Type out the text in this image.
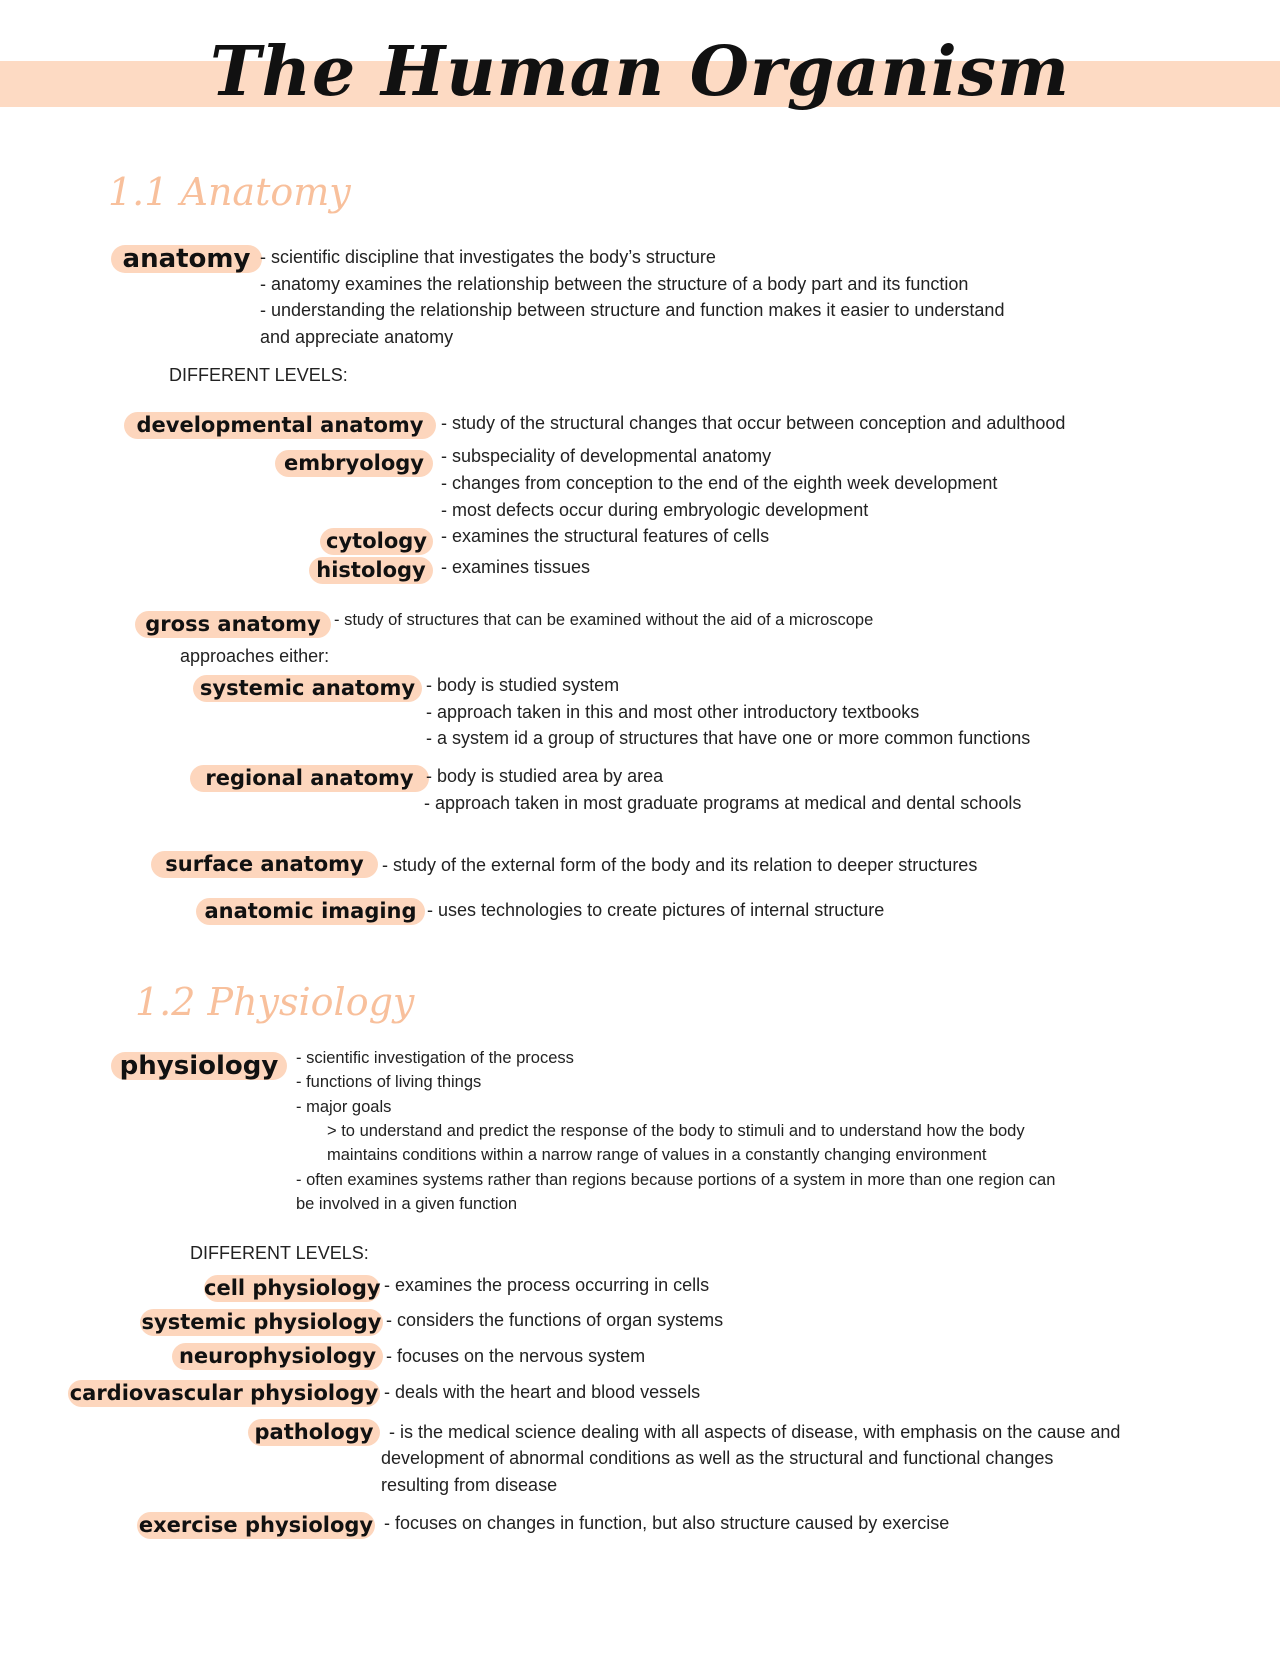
The Human Organism
1.1 Anatomy
anatomy - scientific discipline that investigates the body’s structure
- anatomy examines the relationship between the structure of a body part and its function
- understanding the relationship between structure and function makes it easier to understand
and appreciate anatomy
DIFFERENT LEVELS:
developmental anatomy - study of the structural changes that occur between conception and adulthood
embryology - subspeciality of developmental anatomy
- changes from conception to the end of the eighth week development
- most defects occur during embryologic development
cytology - examines the structural features of cells
histology - examines tissues
gross anatomy - study of structures that can be examined without the aid of a microscope
approaches either:
systemic anatomy - body is studied system
- approach taken in this and most other introductory textbooks
- a system id a group of structures that have one or more common functions
regional anatomy - body is studied area by area
- approach taken in most graduate programs at medical and dental schools
surface anatomy	- study of the external form of the body and its relation to deeper structures
anatomic imaging - uses technologies to create pictures of internal structure
1.2 Physiology
physiology	- scientific investigation of the process
- functions of living things
- major goals
> to understand and predict the response of the body to stimuli and to understand how the body
maintains conditions within a narrow range of values in a constantly changing environment
- often examines systems rather than regions because portions of a system in more than one region can
be involved in a given function
DIFFERENT LEVELS:
cell physiology - examines the process occurring in cells
systemic physiology - considers the functions of organ systems
neurophysiology - focuses on the nervous system
cardiovascular physiology - deals with the heart and blood vessels
pathology - is the medical science dealing with all aspects of disease, with emphasis on the cause and
development of abnormal conditions as well as the structural and functional changes
resulting from disease
exercise physiology - focuses on changes in function, but also structure caused by exercise
